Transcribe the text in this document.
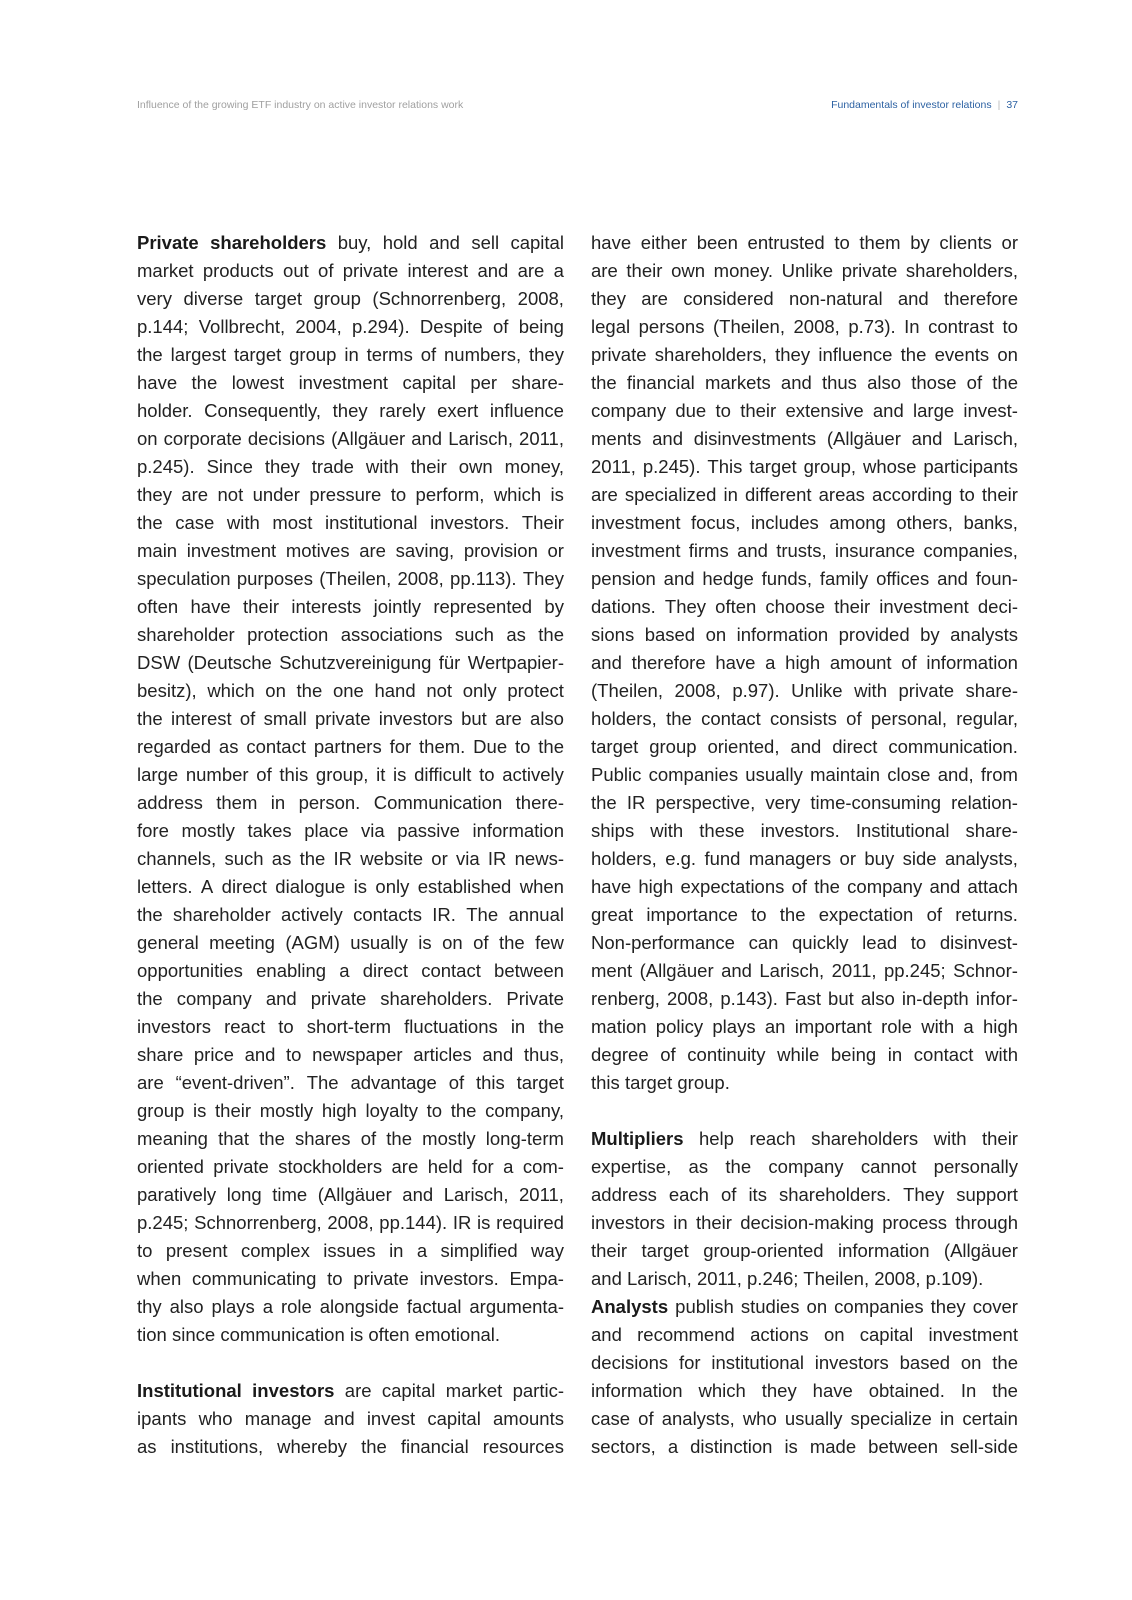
Influence of the growing ETF industry on active investor relations work	Fundamentals of investor relations | 37
Private shareholders buy, hold and sell capital
market products out of private interest and are a
very diverse target group (Schnorrenberg, 2008,
p.144; Vollbrecht, 2004, p.294). Despite of being
the largest target group in terms of numbers, they
have the lowest investment capital per share-
holder. Consequently, they rarely exert influence
on corporate decisions (Allgäuer and Larisch, 2011,
p.245). Since they trade with their own money,
they are not under pressure to perform, which is
the case with most institutional investors. Their
main investment motives are saving, provision or
speculation purposes (Theilen, 2008, pp.113). They
often have their interests jointly represented by
shareholder protection associations such as the
DSW (Deutsche Schutzvereinigung für Wertpapier-
besitz), which on the one hand not only protect
the interest of small private investors but are also
regarded as contact partners for them. Due to the
large number of this group, it is difficult to actively
address them in person. Communication there-
fore mostly takes place via passive information
channels, such as the IR website or via IR news-
letters. A direct dialogue is only established when
the shareholder actively contacts IR. The annual
general meeting (AGM) usually is on of the few
opportunities enabling a direct contact between
the company and private shareholders. Private
investors react to short-term fluctuations in the
share price and to newspaper articles and thus,
are “event-driven”. The advantage of this target
group is their mostly high loyalty to the company,
meaning that the shares of the mostly long-term
oriented private stockholders are held for a com-
paratively long time (Allgäuer and Larisch, 2011,
p.245; Schnorrenberg, 2008, pp.144). IR is required
to present complex issues in a simplified way
when communicating to private investors. Empa-
thy also plays a role alongside factual argumenta-
tion since communication is often emotional.
Institutional investors are capital market partic-
ipants who manage and invest capital amounts
as institutions, whereby the financial resources
have either been entrusted to them by clients or
are their own money. Unlike private shareholders,
they are considered non-natural and therefore
legal persons (Theilen, 2008, p.73). In contrast to
private shareholders, they influence the events on
the financial markets and thus also those of the
company due to their extensive and large invest-
ments and disinvestments (Allgäuer and Larisch,
2011, p.245). This target group, whose participants
are specialized in different areas according to their
investment focus, includes among others, banks,
investment firms and trusts, insurance companies,
pension and hedge funds, family offices and foun-
dations. They often choose their investment deci-
sions based on information provided by analysts
and therefore have a high amount of information
(Theilen, 2008, p.97). Unlike with private share-
holders, the contact consists of personal, regular,
target group oriented, and direct communication.
Public companies usually maintain close and, from
the IR perspective, very time-consuming relation-
ships with these investors. Institutional share-
holders, e.g. fund managers or buy side analysts,
have high expectations of the company and attach
great importance to the expectation of returns.
Non-performance can quickly lead to disinvest-
ment (Allgäuer and Larisch, 2011, pp.245; Schnor-
renberg, 2008, p.143). Fast but also in-depth infor-
mation policy plays an important role with a high
degree of continuity while being in contact with
this target group.
Multipliers help reach shareholders with their
expertise, as the company cannot personally
address each of its shareholders. They support
investors in their decision-making process through
their target group-oriented information (Allgäuer
and Larisch, 2011, p.246; Theilen, 2008, p.109).
Analysts publish studies on companies they cover
and recommend actions on capital investment
decisions for institutional investors based on the
information which they have obtained. In the
case of analysts, who usually specialize in certain
sectors, a distinction is made between sell-side
